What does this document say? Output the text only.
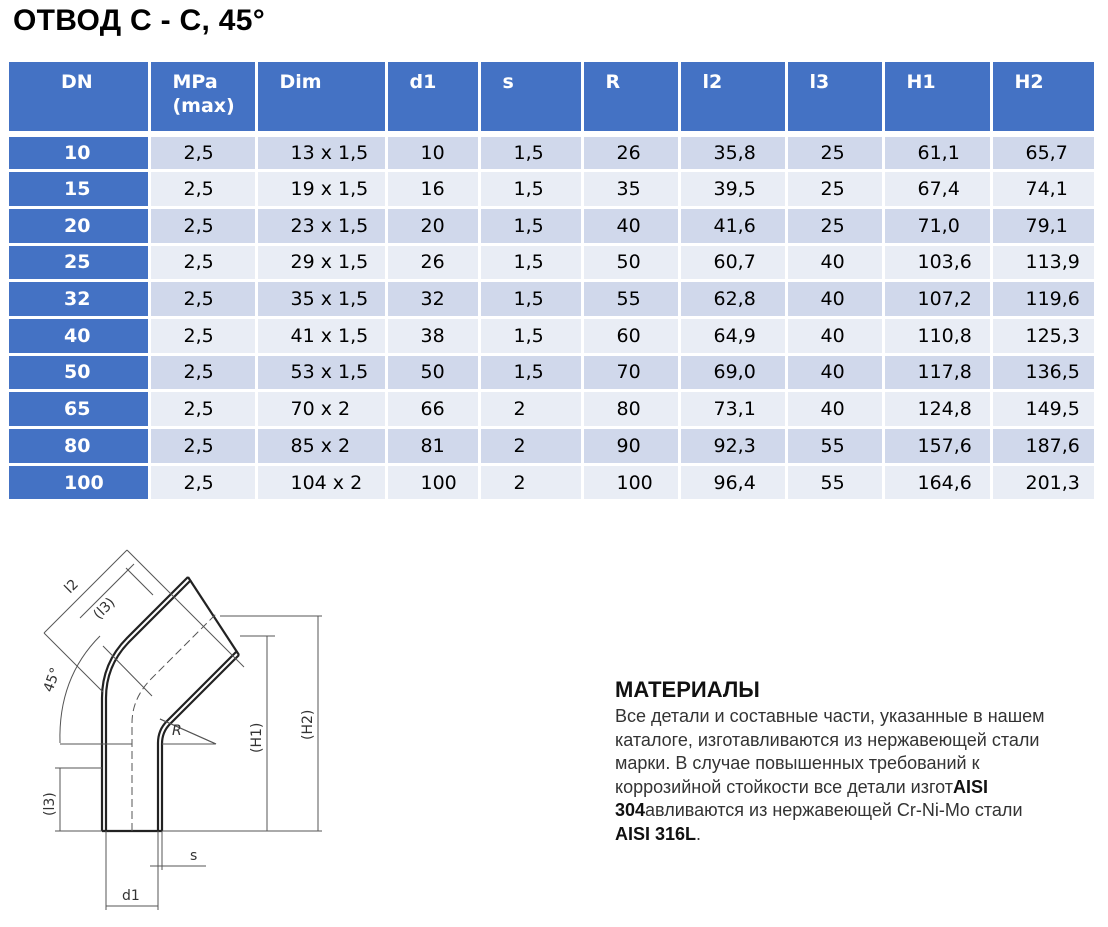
ОТВОД С - С, 45°
DN	MPa (max)	Dim	d1	s	R	l2	l3	H1	H2
10	2,5	13 x 1,5	10	1,5	26	35,8	25	61,1	65,7
15	2,5	19 x 1,5	16	1,5	35	39,5	25	67,4	74,1
20	2,5	23 x 1,5	20	1,5	40	41,6	25	71,0	79,1
25	2,5	29 x 1,5	26	1,5	50	60,7	40	103,6	113,9
32	2,5	35 x 1,5	32	1,5	55	62,8	40	107,2	119,6
40	2,5	41 x 1,5	38	1,5	60	64,9	40	110,8	125,3
50	2,5	53 x 1,5	50	1,5	70	69,0	40	117,8	136,5
65	2,5	70 x 2	66	2	80	73,1	40	124,8	149,5
80	2,5	85 x 2	81	2	90	92,3	55	157,6	187,6
100	2,5	104 x 2	100	2	100	96,4	55	164,6	201,3
l2
(l3)
45°
R	(H1)	(H2)
(l3)
s
d1
МАТЕРИАЛЫ
Все детали и составные части, указанные в нашем каталоге, изготавливаются из нержавеющей стали марки. В случае повышенных требований к коррозийной стойкости все детали изготAISI 304авливаются из нержавеющей Cr-Ni-Mo стали AISI 316L.
